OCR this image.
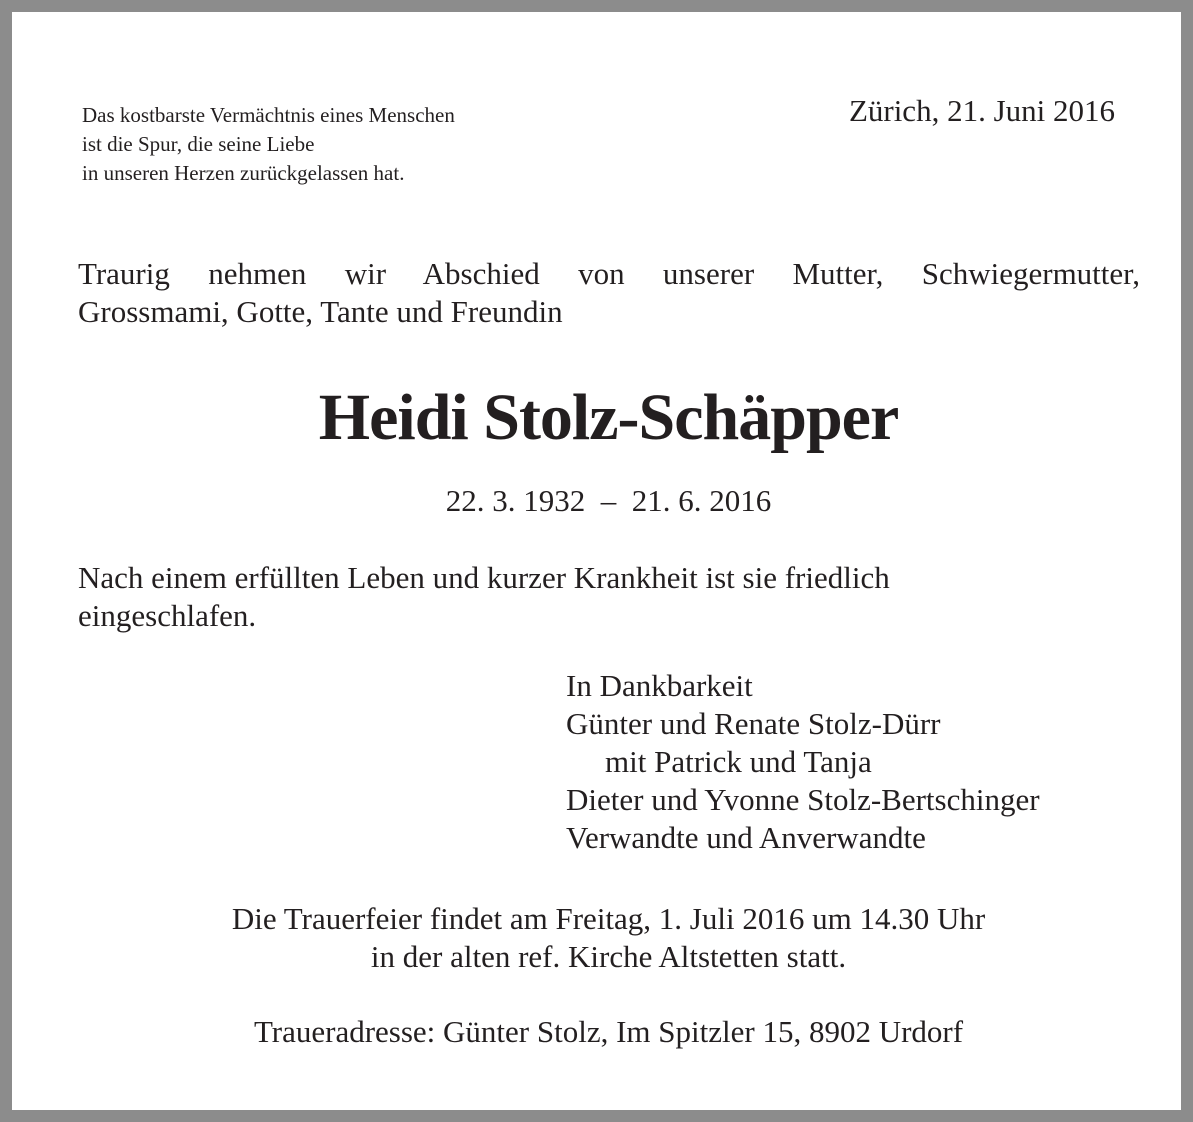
Das kostbarste Vermächtnis eines Menschen
ist die Spur, die seine Liebe
in unseren Herzen zurückgelassen hat.
Zürich, 21. Juni 2016
Traurig nehmen wir Abschied von unserer Mutter, Schwiegermutter,
Grossmami, Gotte, Tante und Freundin
Heidi Stolz-Schäpper
22. 3. 1932  –  21. 6. 2016
Nach einem erfüllten Leben und kurzer Krankheit ist sie friedlich
eingeschlafen.
In Dankbarkeit
Günter und Renate Stolz-Dürr
mit Patrick und Tanja
Dieter und Yvonne Stolz-Bertschinger
Verwandte und Anverwandte
Die Trauerfeier findet am Freitag, 1. Juli 2016 um 14.30 Uhr
in der alten ref. Kirche Altstetten statt.
Traueradresse: Günter Stolz, Im Spitzler 15, 8902 Urdorf
